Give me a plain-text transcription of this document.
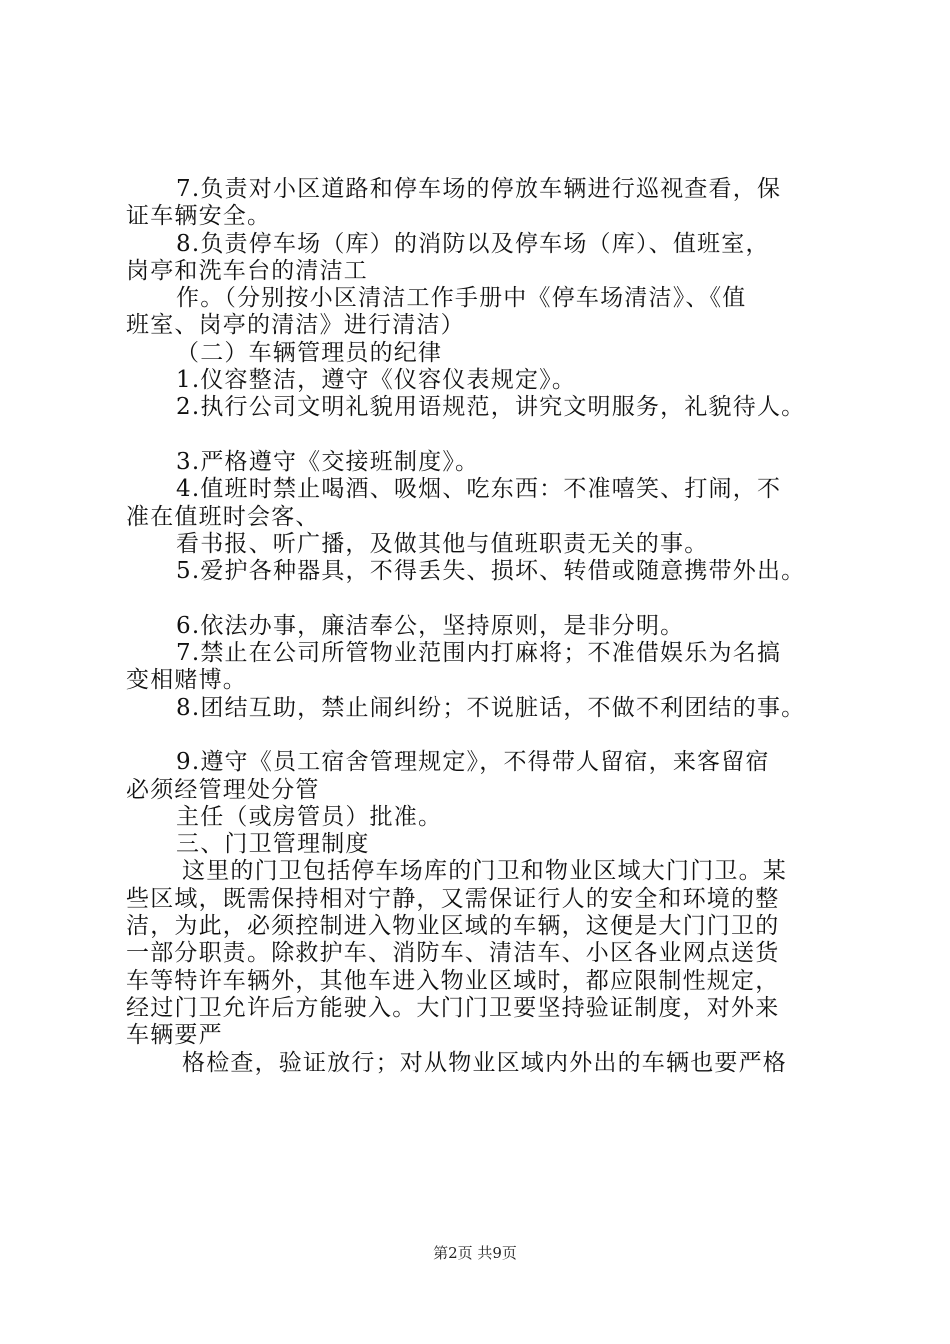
7.负责对小区道路和停车场的停放车辆进行巡视查看，保
证车辆安全。
8.负责停车场（库）的消防以及停车场（库）、值班室，
岗亭和洗车台的清洁工
作。（分别按小区清洁工作手册中《停车场清洁》、《值
班室、岗亭的清洁》进行清洁）
（二）车辆管理员的纪律
1.仪容整洁，遵守《仪容仪表规定》。
2.执行公司文明礼貌用语规范，讲究文明服务，礼貌待人。
3.严格遵守《交接班制度》。
4.值班时禁止喝酒、吸烟、吃东西：不准嘻笑、打闹，不
准在值班时会客、
看书报、听广播，及做其他与值班职责无关的事。
5.爱护各种器具，不得丢失、损坏、转借或随意携带外出。
6.依法办事，廉洁奉公，坚持原则，是非分明。
7.禁止在公司所管物业范围内打麻将；不准借娱乐为名搞
变相赌博。
8.团结互助，禁止闹纠纷；不说脏话，不做不利团结的事。
9.遵守《员工宿舍管理规定》，不得带人留宿，来客留宿
必须经管理处分管
主任（或房管员）批准。
三、门卫管理制度
这里的门卫包括停车场库的门卫和物业区域大门门卫。某
些区域，既需保持相对宁静，又需保证行人的安全和环境的整
洁，为此，必须控制进入物业区域的车辆，这便是大门门卫的
一部分职责。除救护车、消防车、清洁车、小区各业网点送货
车等特许车辆外，其他车进入物业区域时，都应限制性规定，
经过门卫允许后方能驶入。大门门卫要坚持验证制度，对外来
车辆要严
格检查，验证放行；对从物业区域内外出的车辆也要严格
第2页 共9页
